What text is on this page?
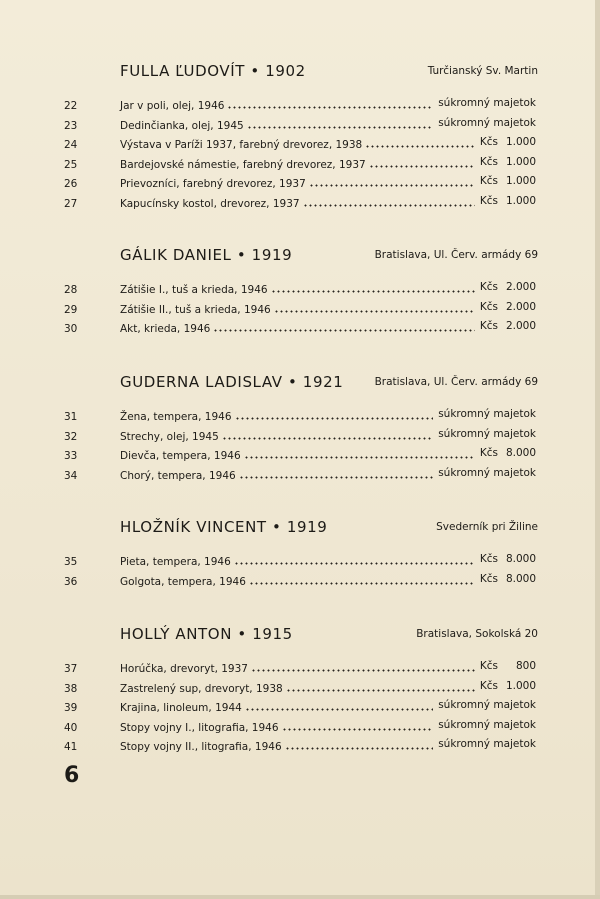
FULLA ĽUDOVÍT • 1902	Turčianský Sv. Martin
22	Jar v poli, olej, 1946	súkromný majetok
23	Dedinčianka, olej, 1945	súkromný majetok
24	Výstava v Paríži 1937, farebný drevorez, 1938	Kčs 1.000
25	Bardejovské námestie, farebný drevorez, 1937	Kčs 1.000
26	Prievozníci, farebný drevorez, 1937	Kčs 1.000
27	Kapucínsky kostol, drevorez, 1937	Kčs 1.000
GÁLIK DANIEL • 1919	Bratislava, Ul. Červ. armády 69
28	Zátišie I., tuš a krieda, 1946	Kčs 2.000
29	Zátišie II., tuš a krieda, 1946	Kčs 2.000
30	Akt, krieda, 1946	Kčs 2.000
GUDERNA LADISLAV • 1921	Bratislava, Ul. Červ. armády 69
31	Žena, tempera, 1946	súkromný majetok
32	Strechy, olej, 1945	súkromný majetok
33	Dievča, tempera, 1946	Kčs 8.000
34	Chorý, tempera, 1946	súkromný majetok
HLOŽNÍK VINCENT • 1919	Svederník pri Žiline
35	Pieta, tempera, 1946	Kčs 8.000
36	Golgota, tempera, 1946	Kčs 8.000
HOLLÝ ANTON • 1915	Bratislava, Sokolská 20
37	Horúčka, drevoryt, 1937	Kčs	800
38	Zastrelený sup, drevoryt, 1938	Kčs 1.000
39	Krajina, linoleum, 1944	súkromný majetok
40	Stopy vojny I., litografia, 1946	súkromný majetok
41	Stopy vojny II., litografia, 1946	súkromný majetok
6
